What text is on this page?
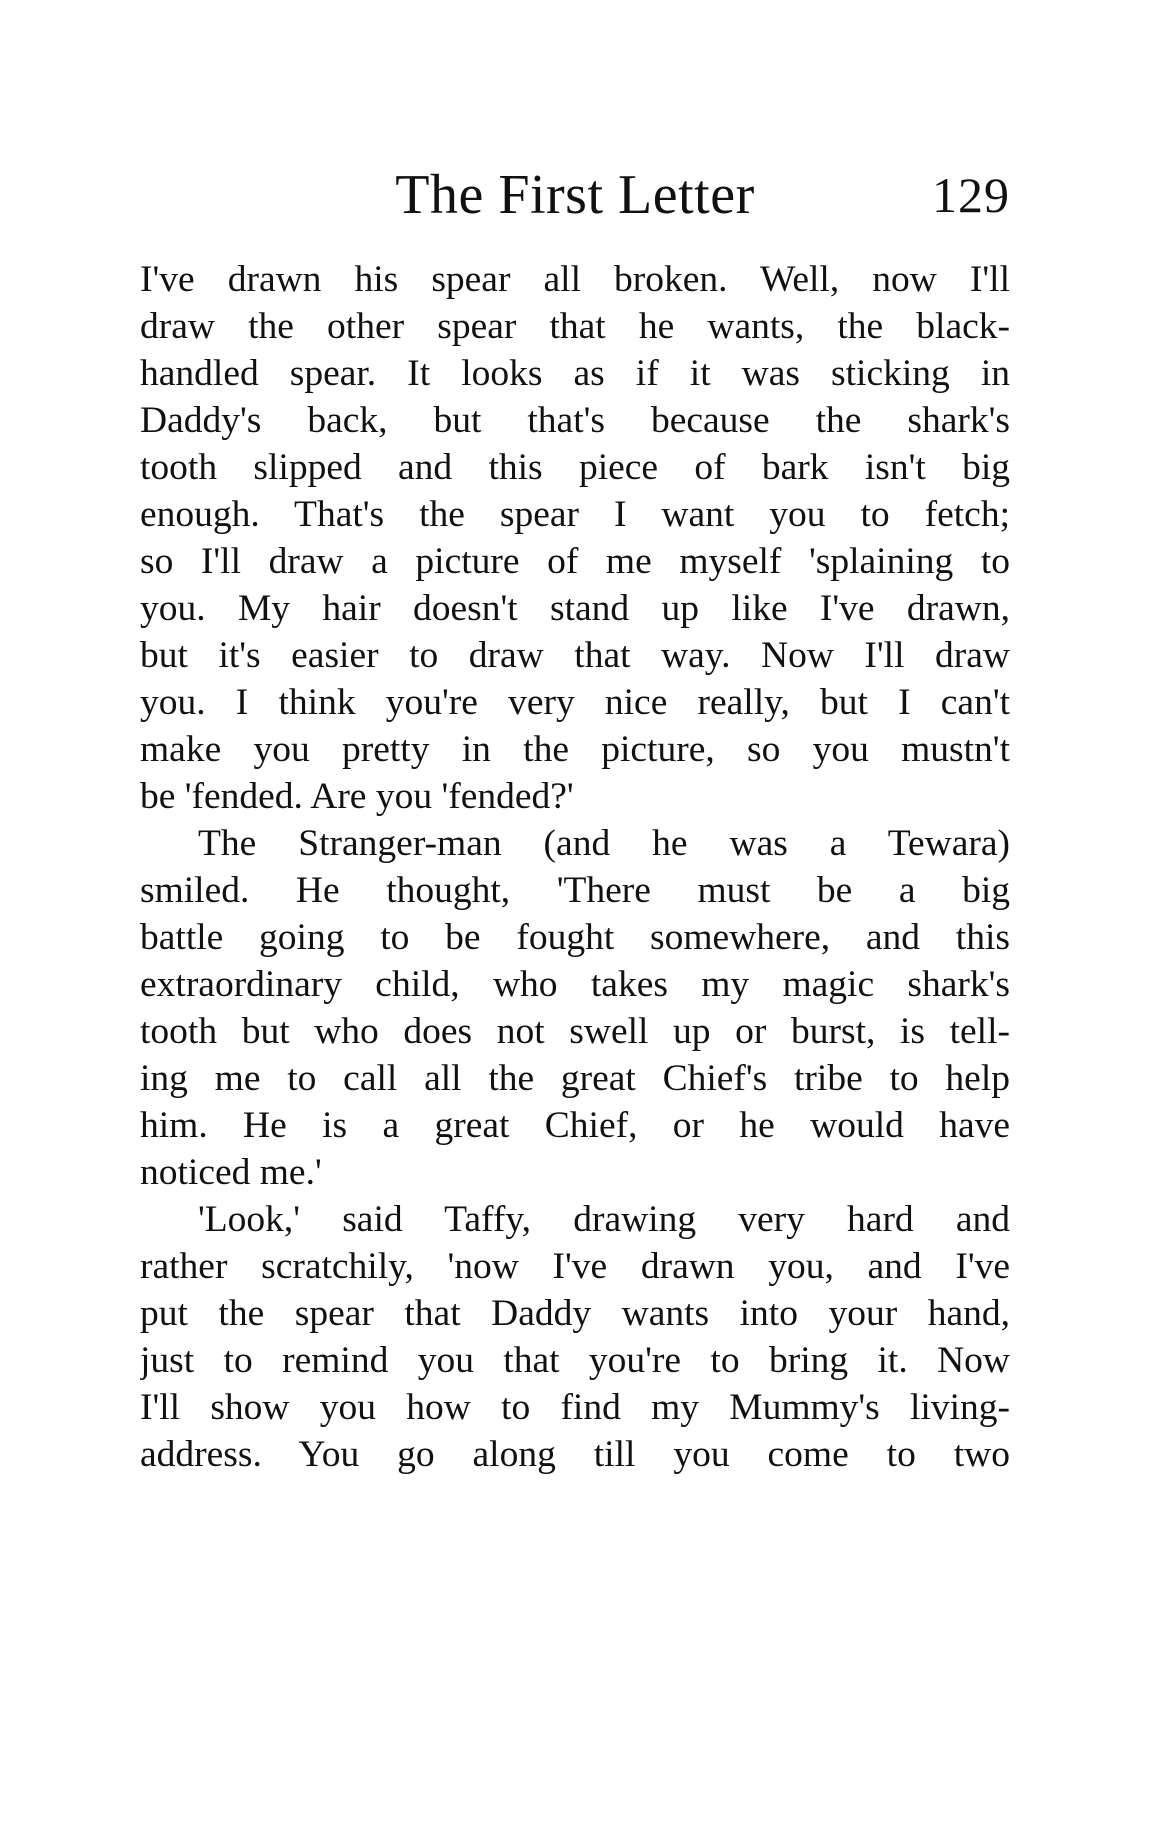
The First Letter	129
I've drawn his spear all broken. Well, now I'll
draw the other spear that he wants, the black-
handled spear. It looks as if it was sticking in
Daddy's back, but that's because the shark's
tooth slipped and this piece of bark isn't big
enough. That's the spear I want you to fetch;
so I'll draw a picture of me myself 'splaining to
you. My hair doesn't stand up like I've drawn,
but it's easier to draw that way. Now I'll draw
you. I think you're very nice really, but I can't
make you pretty in the picture, so you mustn't
be 'fended. Are you 'fended?'
The Stranger-man (and he was a Tewara)
smiled. He thought, 'There must be a big
battle going to be fought somewhere, and this
extraordinary child, who takes my magic shark's
tooth but who does not swell up or burst, is tell-
ing me to call all the great Chief's tribe to help
him. He is a great Chief, or he would have
noticed me.'
'Look,' said Taffy, drawing very hard and
rather scratchily, 'now I've drawn you, and I've
put the spear that Daddy wants into your hand,
just to remind you that you're to bring it. Now
I'll show you how to find my Mummy's living-
address. You go along till you come to two
